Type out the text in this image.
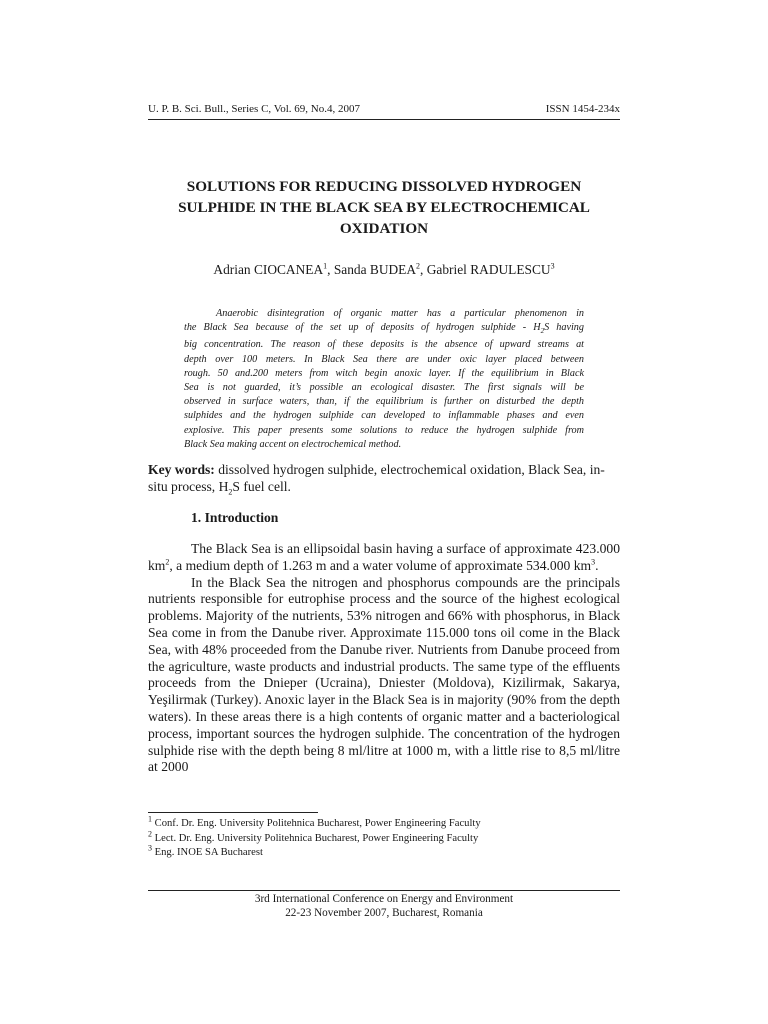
U. P. B. Sci. Bull., Series C, Vol. 69, No.4, 2007	ISSN 1454-234x
SOLUTIONS FOR REDUCING DISSOLVED HYDROGEN
SULPHIDE IN THE BLACK SEA BY ELECTROCHEMICAL
OXIDATION
Adrian CIOCANEA$^1$, Sanda BUDEA$^2$, Gabriel RADULESCU$^3$
Anaerobic disintegration of organic matter has a particular phenomenon in
the Black Sea because of the set up of deposits of hydrogen sulphide - $H_2S$ having
big concentration. The reason of these deposits is the absence of upward streams at
depth over 100 meters. In Black Sea there are under oxic layer placed between
rough. 50 and.200 meters from witch begin anoxic layer. If the equilibrium in Black
Sea is not guarded, it’s possible an ecological disaster. The first signals will be
observed in surface waters, than, if the equilibrium is further on disturbed the depth
sulphides and the hydrogen sulphide can developed to inflammable phases and even
explosive. This paper presents some solutions to reduce the hydrogen sulphide from
Black Sea making accent on electrochemical method.
Key words: dissolved hydrogen sulphide, electrochemical oxidation, Black Sea, in-situ process, $H_2S$ fuel cell.
1. Introduction

The Black Sea is an ellipsoidal basin having a surface of approximate 423.000 $km^2$, a medium depth of 1.263 m and a water volume of approximate 534.000 $km^3$.

In the Black Sea the nitrogen and phosphorus compounds are the principals nutrients responsible for eutrophise process and the source of the highest ecological problems. Majority of the nutrients, 53% nitrogen and 66% with phosphorus, in Black Sea come in from the Danube river. Approximate 115.000 tons oil come in the Black Sea, with 48% proceeded from the Danube river. Nutrients from Danube proceed from the agriculture, waste products and industrial products. The same type of the effluents proceeds from the Dnieper (Ucraina), Dniester (Moldova), Kizilirmak, Sakarya, Yeşilirmak (Turkey). Anoxic layer in the Black Sea is in majority (90% from the depth waters). In these areas there is a high contents of organic matter and a bacteriological process, important sources the hydrogen sulphide. The concentration of the hydrogen sulphide rise with the depth being 8 ml/litre at 1000 m, with a little rise to 8,5 ml/litre at 2000

$^1$ Conf. Dr. Eng. University Politehnica Bucharest, Power Engineering Faculty
$^2$ Lect. Dr. Eng. University Politehnica Bucharest, Power Engineering Faculty
$^3$ Eng. INOE SA Bucharest
3rd International Conference on Energy and Environment
22-23 November 2007, Bucharest, Romania
